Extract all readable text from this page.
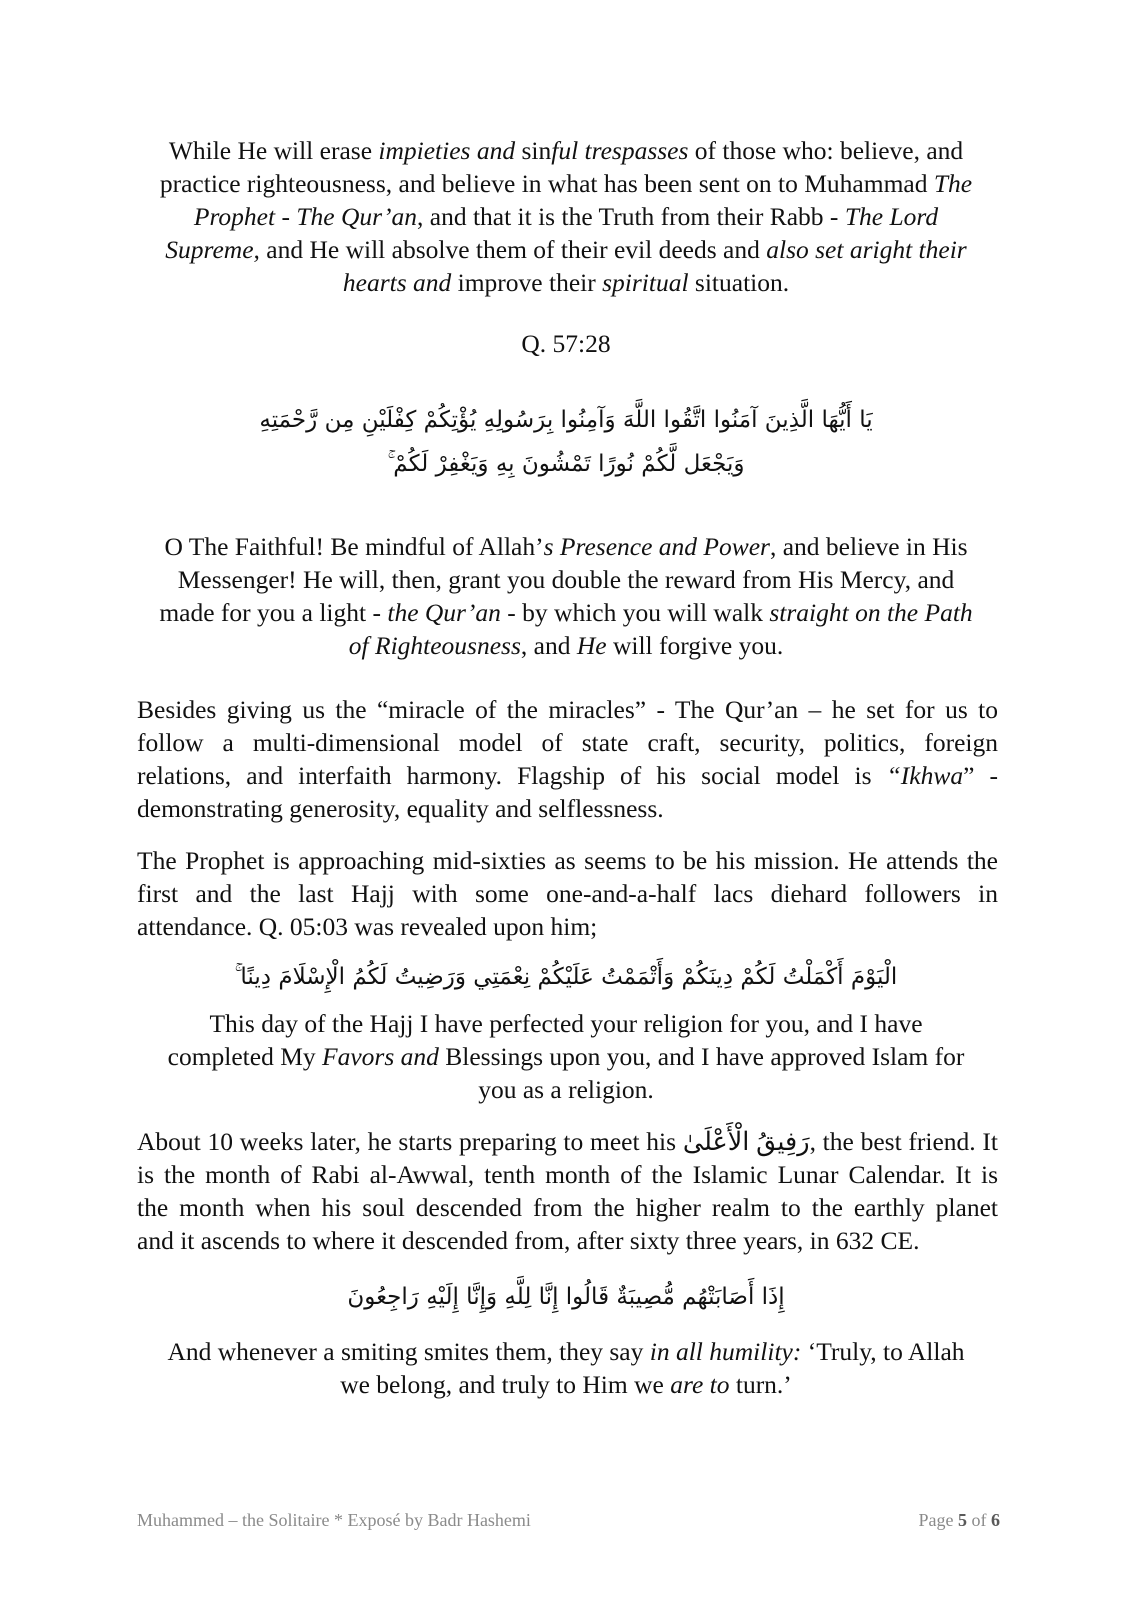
While He will erase impieties and sinful trespasses of those who: believe, and
practice righteousness, and believe in what has been sent on to Muhammad The
Prophet - The Qur’an, and that it is the Truth from their Rabb - The Lord
Supreme, and He will absolve them of their evil deeds and also set aright their
hearts and improve their spiritual situation.

Q. 57:28

يَا أَيُّهَا الَّذِينَ آمَنُوا اتَّقُوا اللَّهَ وَآمِنُوا بِرَسُولِهِ يُؤْتِكُمْ كِفْلَيْنِ مِن رَّحْمَتِهِ
وَيَجْعَل لَّكُمْ نُورًا تَمْشُونَ بِهِ وَيَغْفِرْ لَكُمْ ۚ

O The Faithful! Be mindful of Allah’s Presence and Power, and believe in His
Messenger! He will, then, grant you double the reward from His Mercy, and
made for you a light - the Qur’an - by which you will walk straight on the Path
of Righteousness, and He will forgive you.

Besides giving us the “miracle of the miracles” - The Qur’an – he set for us to
follow a multi-dimensional model of state craft, security, politics, foreign
relations, and interfaith harmony. Flagship of his social model is “Ikhwa” -
demonstrating generosity, equality and selflessness.

The Prophet is approaching mid-sixties as seems to be his mission. He attends the
first and the last Hajj with some one-and-a-half lacs diehard followers in
attendance. Q. 05:03 was revealed upon him;

الْيَوْمَ أَكْمَلْتُ لَكُمْ دِينَكُمْ وَأَتْمَمْتُ عَلَيْكُمْ نِعْمَتِي وَرَضِيتُ لَكُمُ الْإِسْلَامَ دِينًا ۚ

This day of the Hajj I have perfected your religion for you, and I have
completed My Favors and Blessings upon you, and I have approved Islam for
you as a religion.

About 10 weeks later, he starts preparing to meet his رَفِيقُ الْأَعْلَىٰ, the best friend. It
is the month of Rabi al-Awwal, tenth month of the Islamic Lunar Calendar. It is
the month when his soul descended from the higher realm to the earthly planet
and it ascends to where it descended from, after sixty three years, in 632 CE.

إِذَا أَصَابَتْهُم مُّصِيبَةٌ قَالُوا إِنَّا لِلَّهِ وَإِنَّا إِلَيْهِ رَاجِعُونَ

And whenever a smiting smites them, they say in all humility: ‘Truly, to Allah
we belong, and truly to Him we are to turn.’

Muhammed – the Solitaire * Exposé by Badr Hashemi	Page 5 of 6
